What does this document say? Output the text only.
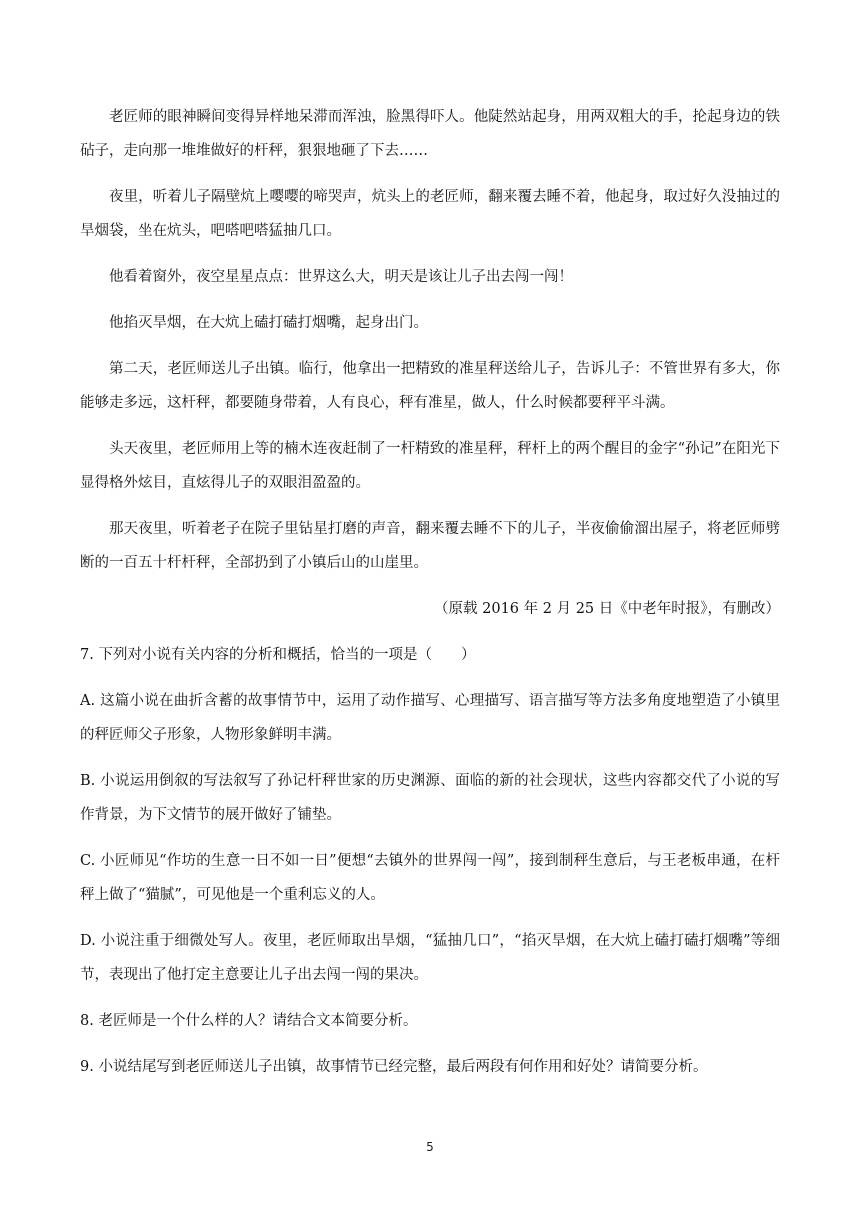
老匠师的眼神瞬间变得异样地呆滞而浑浊，脸黑得吓人。他陡然站起身，用两双粗大的手，抡起身边的铁砧子，走向那一堆堆做好的杆秤，狠狠地砸了下去……

夜里，听着儿子隔壁炕上嘤嘤的啼哭声，炕头上的老匠师，翻来覆去睡不着，他起身，取过好久没抽过的旱烟袋，坐在炕头，吧嗒吧嗒猛抽几口。

他看着窗外，夜空星星点点：世界这么大，明天是该让儿子出去闯一闯！

他掐灭旱烟，在大炕上磕打磕打烟嘴，起身出门。

第二天，老匠师送儿子出镇。临行，他拿出一把精致的准星秤送给儿子，告诉儿子：不管世界有多大，你能够走多远，这杆秤，都要随身带着，人有良心，秤有准星，做人，什么时候都要秤平斗满。

头天夜里，老匠师用上等的楠木连夜赶制了一杆精致的准星秤，秤杆上的两个醒目的金字“孙记”在阳光下显得格外炫目，直炫得儿子的双眼泪盈盈的。

那天夜里，听着老子在院子里钻星打磨的声音，翻来覆去睡不下的儿子，半夜偷偷溜出屋子，将老匠师劈断的一百五十杆杆秤，全部扔到了小镇后山的山崖里。

（原载 2016 年 2 月 25 日《中老年时报》，有删改）

7. 下列对小说有关内容的分析和概括，恰当的一项是（　　）

A. 这篇小说在曲折含蓄的故事情节中，运用了动作描写、心理描写、语言描写等方法多角度地塑造了小镇里的秤匠师父子形象，人物形象鲜明丰满。

B. 小说运用倒叙的写法叙写了孙记杆秤世家的历史渊源、面临的新的社会现状，这些内容都交代了小说的写作背景，为下文情节的展开做好了铺垫。

C. 小匠师见“作坊的生意一日不如一日”便想“去镇外的世界闯一闯”，接到制秤生意后，与王老板串通，在杆秤上做了“猫腻”，可见他是一个重利忘义的人。

D. 小说注重于细微处写人。夜里，老匠师取出旱烟，“猛抽几口”，“掐灭旱烟，在大炕上磕打磕打烟嘴”等细节，表现出了他打定主意要让儿子出去闯一闯的果决。

8. 老匠师是一个什么样的人？请结合文本简要分析。

9. 小说结尾写到老匠师送儿子出镇，故事情节已经完整，最后两段有何作用和好处？请简要分析。

5
